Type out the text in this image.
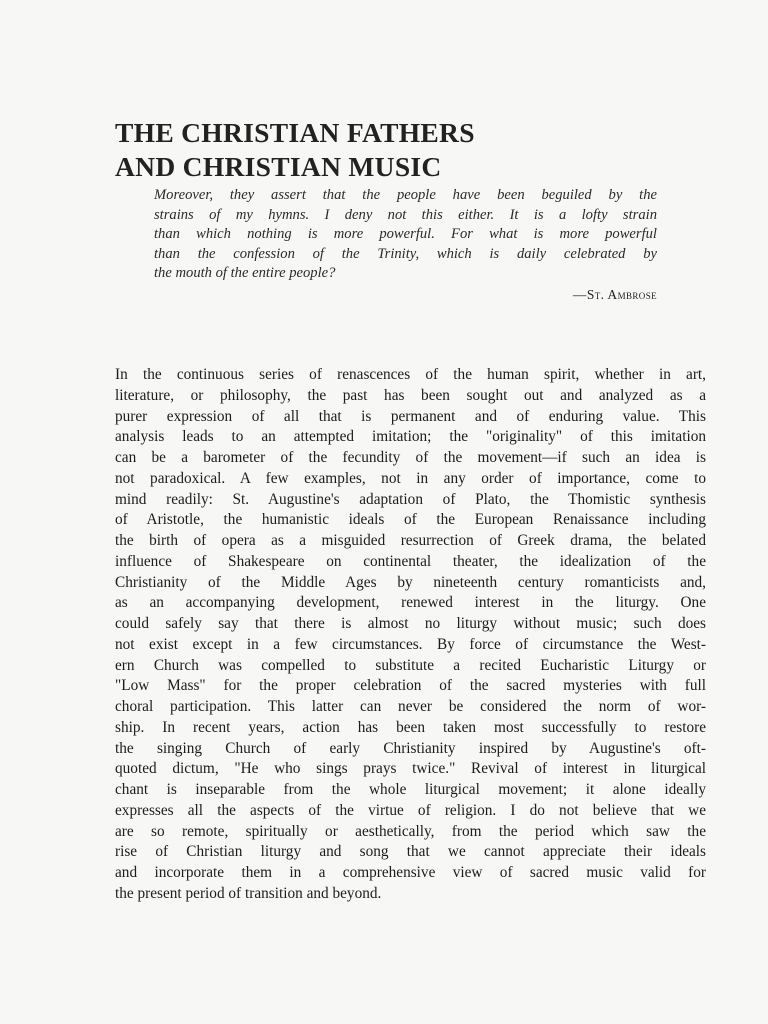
THE CHRISTIAN FATHERS
AND CHRISTIAN MUSIC
Moreover, they assert that the people have been beguiled by the
strains of my hymns. I deny not this either. It is a lofty strain
than which nothing is more powerful. For what is more powerful
than the confession of the Trinity, which is daily celebrated by
the mouth of the entire people?
—St. Ambrose
In the continuous series of renascences of the human spirit, whether in art,
literature, or philosophy, the past has been sought out and analyzed as a
purer expression of all that is permanent and of enduring value. This
analysis leads to an attempted imitation; the "originality" of this imitation
can be a barometer of the fecundity of the movement—if such an idea is
not paradoxical. A few examples, not in any order of importance, come to
mind readily: St. Augustine's adaptation of Plato, the Thomistic synthesis
of Aristotle, the humanistic ideals of the European Renaissance including
the birth of opera as a misguided resurrection of Greek drama, the belated
influence of Shakespeare on continental theater, the idealization of the
Christianity of the Middle Ages by nineteenth century romanticists and,
as an accompanying development, renewed interest in the liturgy. One
could safely say that there is almost no liturgy without music; such does
not exist except in a few circumstances. By force of circumstance the West-
ern Church was compelled to substitute a recited Eucharistic Liturgy or
"Low Mass" for the proper celebration of the sacred mysteries with full
choral participation. This latter can never be considered the norm of wor-
ship. In recent years, action has been taken most successfully to restore
the singing Church of early Christianity inspired by Augustine's oft-
quoted dictum, "He who sings prays twice." Revival of interest in liturgical
chant is inseparable from the whole liturgical movement; it alone ideally
expresses all the aspects of the virtue of religion. I do not believe that we
are so remote, spiritually or aesthetically, from the period which saw the
rise of Christian liturgy and song that we cannot appreciate their ideals
and incorporate them in a comprehensive view of sacred music valid for
the present period of transition and beyond.
